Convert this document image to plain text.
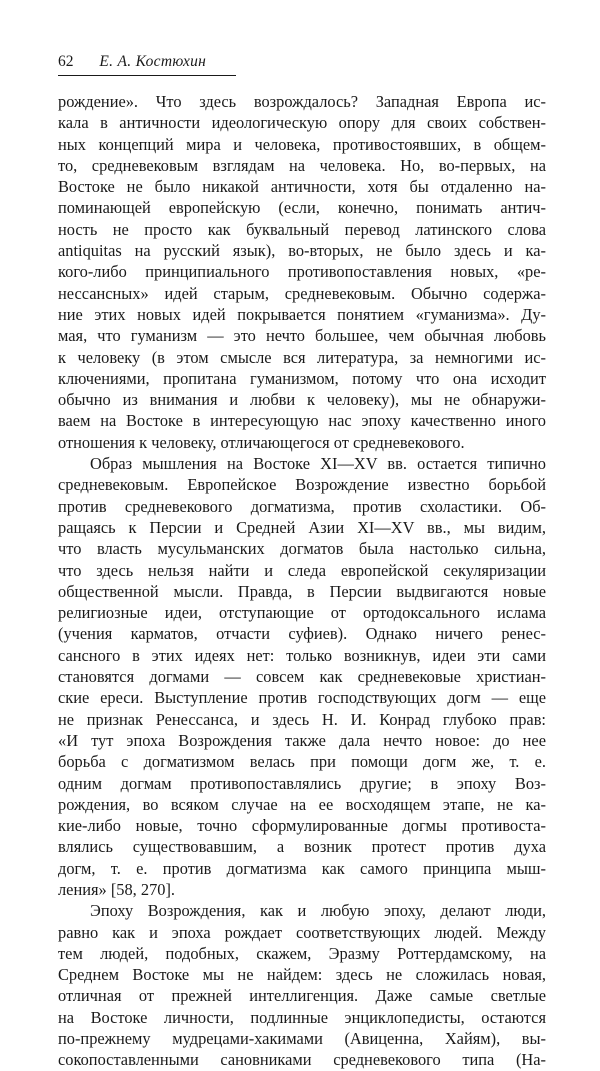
62 Е. А. Костюхин
рождение». Что здесь возрождалось? Западная Европа ис-
кала в античности идеологическую опору для своих собствен-
ных концепций мира и человека, противостоявших, в общем-
то, средневековым взглядам на человека. Но, во-первых, на
Востоке не было никакой античности, хотя бы отдаленно на-
поминающей европейскую (если, конечно, понимать антич-
ность не просто как буквальный перевод латинского слова
antiquitas на русский язык), во-вторых, не было здесь и ка-
кого-либо принципиального противопоставления новых, «ре-
нессансных» идей старым, средневековым. Обычно содержа-
ние этих новых идей покрывается понятием «гуманизма». Ду-
мая, что гуманизм — это нечто большее, чем обычная любовь
к человеку (в этом смысле вся литература, за немногими ис-
ключениями, пропитана гуманизмом, потому что она исходит
обычно из внимания и любви к человеку), мы не обнаружи-
ваем на Востоке в интересующую нас эпоху качественно иного
отношения к человеку, отличающегося от средневекового.
Образ мышления на Востоке XI—XV вв. остается типично
средневековым. Европейское Возрождение известно борьбой
против средневекового догматизма, против схоластики. Об-
ращаясь к Персии и Средней Азии XI—XV вв., мы видим,
что власть мусульманских догматов была настолько сильна,
что здесь нельзя найти и следа европейской секуляризации
общественной мысли. Правда, в Персии выдвигаются новые
религиозные идеи, отступающие от ортодоксального ислама
(учения карматов, отчасти суфиев). Однако ничего ренес-
сансного в этих идеях нет: только возникнув, идеи эти сами
становятся догмами — совсем как средневековые христиан-
ские ереси. Выступление против господствующих догм — еще
не признак Ренессанса, и здесь Н. И. Конрад глубоко прав:
«И тут эпоха Возрождения также дала нечто новое: до нее
борьба с догматизмом велась при помощи догм же, т. е.
одним догмам противопоставлялись другие; в эпоху Воз-
рождения, во всяком случае на ее восходящем этапе, не ка-
кие-либо новые, точно сформулированные догмы противоста-
влялись существовавшим, а возник протест против духа
догм, т. е. против догматизма как самого принципа мыш-
ления» [58, 270].
Эпоху Возрождения, как и любую эпоху, делают люди,
равно как и эпоха рождает соответствующих людей. Между
тем людей, подобных, скажем, Эразму Роттердамскому, на
Среднем Востоке мы не найдем: здесь не сложилась новая,
отличная от прежней интеллигенция. Даже самые светлые
на Востоке личности, подлинные энциклопедисты, остаются
по-прежнему мудрецами-хакимами (Авиценна, Хайям), вы-
сокопоставленными сановниками средневекового типа (На-
